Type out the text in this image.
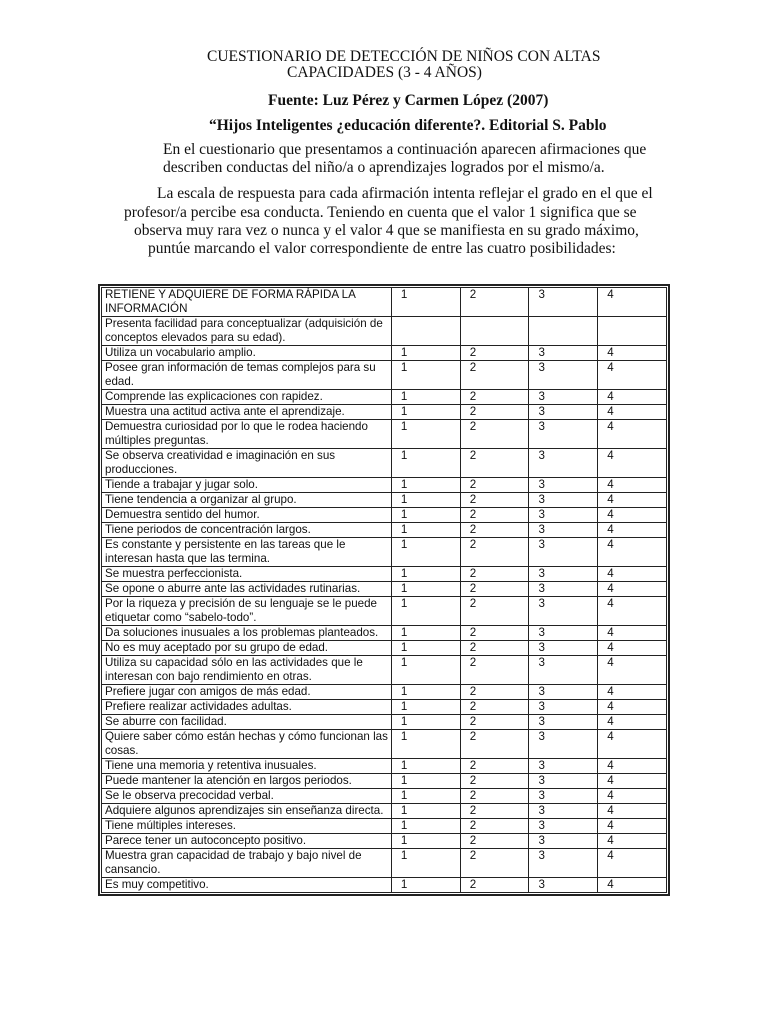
CUESTIONARIO DE DETECCIÓN DE NIÑOS CON ALTAS
CAPACIDADES (3 - 4 AÑOS)
Fuente: Luz Pérez y Carmen López (2007)
“Hijos Inteligentes ¿educación diferente?. Editorial S. Pablo
En el cuestionario que presentamos a continuación aparecen afirmaciones que
describen conductas del niño/a o aprendizajes logrados por el mismo/a.
La escala de respuesta para cada afirmación intenta reflejar el grado en el que el
profesor/a percibe esa conducta. Teniendo en cuenta que el valor 1 significa que se
observa muy rara vez o nunca y el valor 4 que se manifiesta en su grado máximo,
puntúe marcando el valor correspondiente de entre las cuatro posibilidades:
RETIENE Y ADQUIERE DE FORMA RÁPIDA LA INFORMACIÓN	1	2	3	4
Presenta facilidad para conceptualizar (adquisición de conceptos elevados para su edad).				
Utiliza un vocabulario amplio.	1	2	3	4
Posee gran información de temas complejos para su edad.	1	2	3	4
Comprende las explicaciones con rapidez.	1	2	3	4
Muestra una actitud activa ante el aprendizaje.	1	2	3	4
Demuestra curiosidad por lo que le rodea haciendo múltiples preguntas.	1	2	3	4
Se observa creatividad e imaginación en sus producciones.	1	2	3	4
Tiende a trabajar y jugar solo.	1	2	3	4
Tiene tendencia a organizar al grupo.	1	2	3	4
Demuestra sentido del humor.	1	2	3	4
Tiene periodos de concentración largos.	1	2	3	4
Es constante y persistente en las tareas que le interesan hasta que las termina.	1	2	3	4
Se muestra perfeccionista.	1	2	3	4
Se opone o aburre ante las actividades rutinarias.	1	2	3	4
Por la riqueza y precisión de su lenguaje se le puede etiquetar como “sabelo-todo”.	1	2	3	4
Da soluciones inusuales a los problemas planteados.	1	2	3	4
No es muy aceptado por su grupo de edad.	1	2	3	4
Utiliza su capacidad sólo en las actividades que le interesan con bajo rendimiento en otras.	1	2	3	4
Prefiere jugar con amigos de más edad.	1	2	3	4
Prefiere realizar actividades adultas.	1	2	3	4
Se aburre con facilidad.	1	2	3	4
Quiere saber cómo están hechas y cómo funcionan las cosas.	1	2	3	4
Tiene una memoria y retentiva inusuales.	1	2	3	4
Puede mantener la atención en largos periodos.	1	2	3	4
Se le observa precocidad verbal.	1	2	3	4
Adquiere algunos aprendizajes sin enseñanza directa.	1	2	3	4
Tiene múltiples intereses.	1	2	3	4
Parece tener un autoconcepto positivo.	1	2	3	4
Muestra gran capacidad de trabajo y bajo nivel de cansancio.	1	2	3	4
Es muy competitivo.	1	2	3	4
